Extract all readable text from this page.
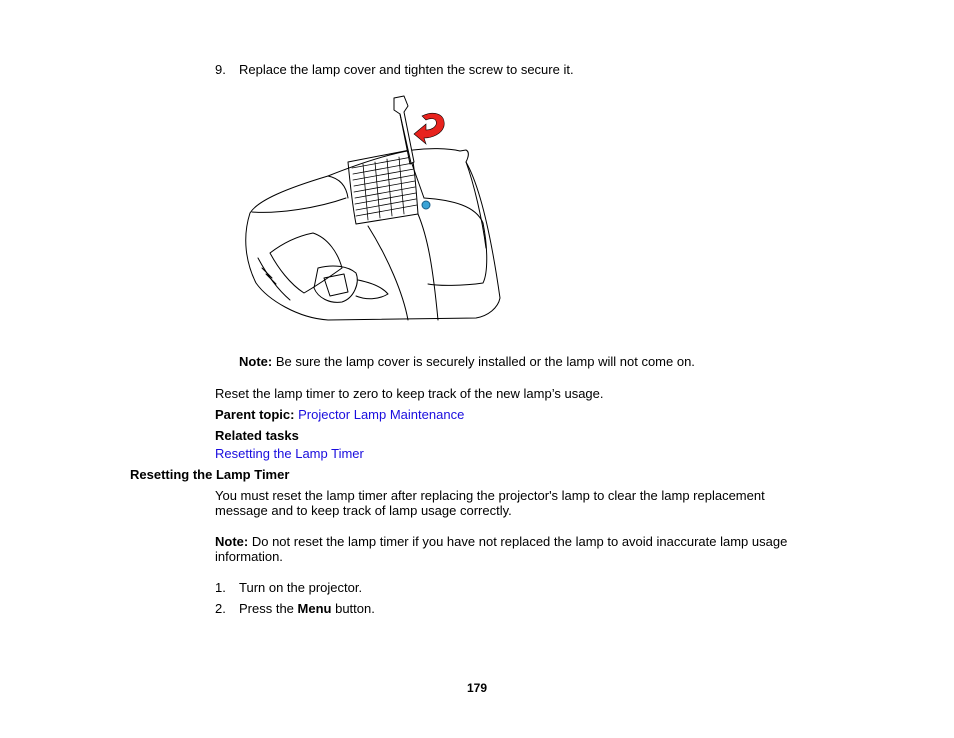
9. Replace the lamp cover and tighten the screw to secure it.
Note: Be sure the lamp cover is securely installed or the lamp will not come on.
Reset the lamp timer to zero to keep track of the new lamp’s usage.
Parent topic: Projector Lamp Maintenance
Related tasks
Resetting the Lamp Timer
Resetting the Lamp Timer
You must reset the lamp timer after replacing the projector's lamp to clear the lamp replacement
message and to keep track of lamp usage correctly.
Note: Do not reset the lamp timer if you have not replaced the lamp to avoid inaccurate lamp usage
information.
1. Turn on the projector.
2. Press the Menu button.
179
